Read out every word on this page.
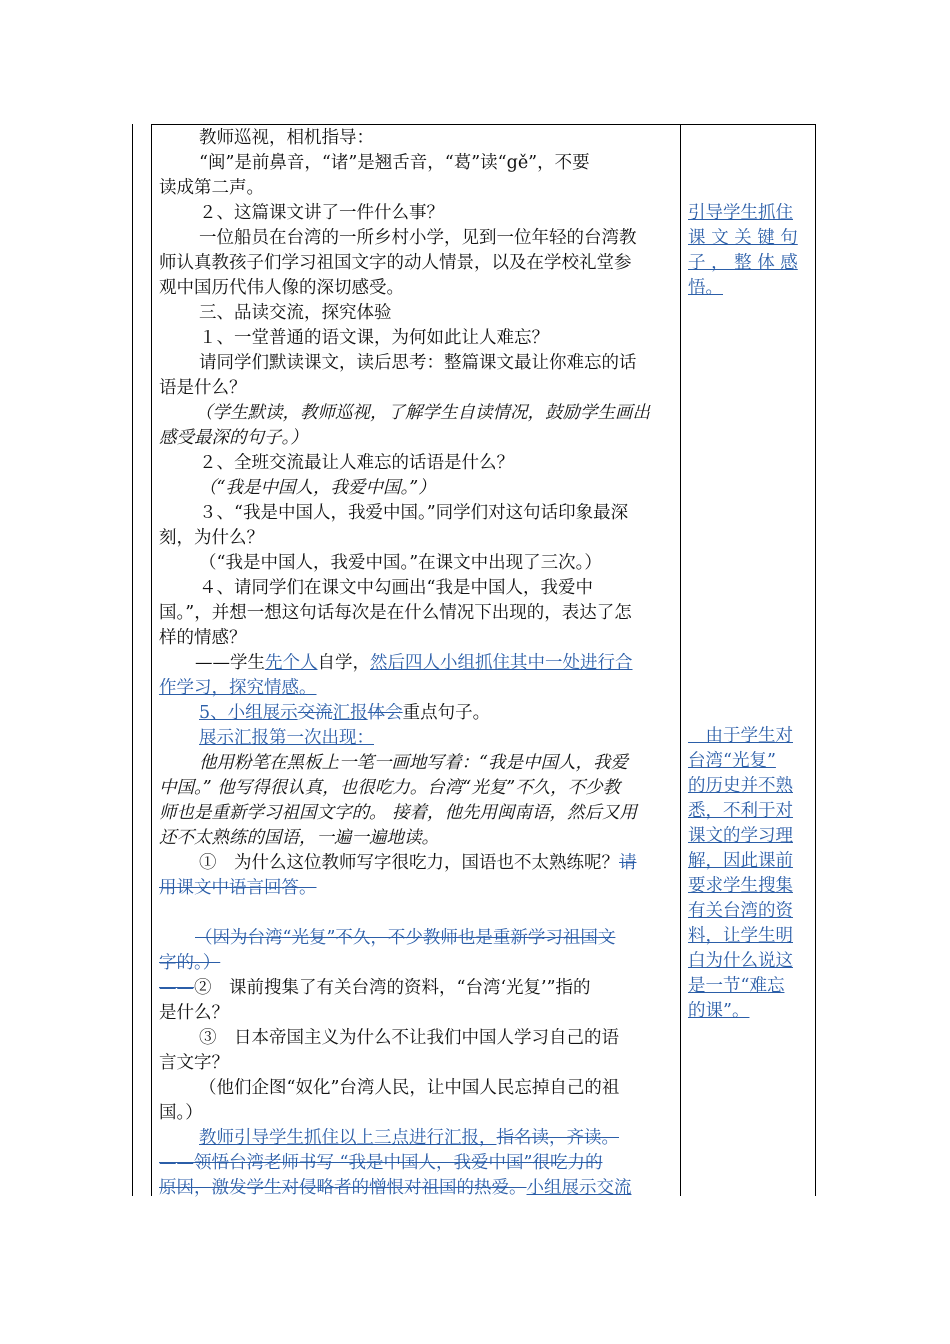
教师巡视，相机指导：
“闽”是前鼻音，“诸”是翘舌音，“葛”读“gě”，不要
读成第二声。
２、这篇课文讲了一件什么事？
一位船员在台湾的一所乡村小学，见到一位年轻的台湾教
师认真教孩子们学习祖国文字的动人情景，以及在学校礼堂参
观中国历代伟人像的深切感受。
三、品读交流，探究体验
１、一堂普通的语文课，为何如此让人难忘？
请同学们默读课文，读后思考：整篇课文最让你难忘的话
语是什么？
（学生默读，教师巡视，了解学生自读情况，鼓励学生画出
感受最深的句子。）
２、全班交流最让人难忘的话语是什么？
（“我是中国人，我爱中国。”）
３、“我是中国人，我爱中国。”同学们对这句话印象最深
刻，为什么？
（“我是中国人，我爱中国。”在课文中出现了三次。）
４、请同学们在课文中勾画出“我是中国人，我爱中
国。”，并想一想这句话每次是在什么情况下出现的，表达了怎
样的情感？
——学生先个人自学，然后四人小组抓住其中一处进行合
作学习，探究情感。
5、小组展示交流汇报体会重点句子。
展示汇报第一次出现：
他用粉笔在黑板上一笔一画地写着：“我是中国人，我爱
中国。” 他写得很认真，也很吃力。台湾“光复”不久，不少教
师也是重新学习祖国文字的。 接着，他先用闽南语，然后又用
还不太熟练的国语，一遍一遍地读。
①　为什么这位教师写字很吃力，国语也不太熟练呢？请
用课文中语言回答。
（因为台湾“光复”不久，不少教师也是重新学习祖国文
字的。）
——②　课前搜集了有关台湾的资料，“台湾‘光复’”指的
是什么？
③　日本帝国主义为什么不让我们中国人学习自己的语
言文字？
（他们企图“奴化”台湾人民，让中国人民忘掉自己的祖
国。）
教师引导学生抓住以上三点进行汇报，指名读，齐读。
——领悟台湾老师书写 “我是中国人，我爱中国”很吃力的
原因，激发学生对侵略者的憎恨对祖国的热爱。小组展示交流
引导学生抓住
课 文 关 键 句
子 ， 整 体 感
悟。
　由于学生对
台湾“光复”
的历史并不熟
悉，不利于对
课文的学习理
解，因此课前
要求学生搜集
有关台湾的资
料，让学生明
白为什么说这
是一节“难忘
的课”。
